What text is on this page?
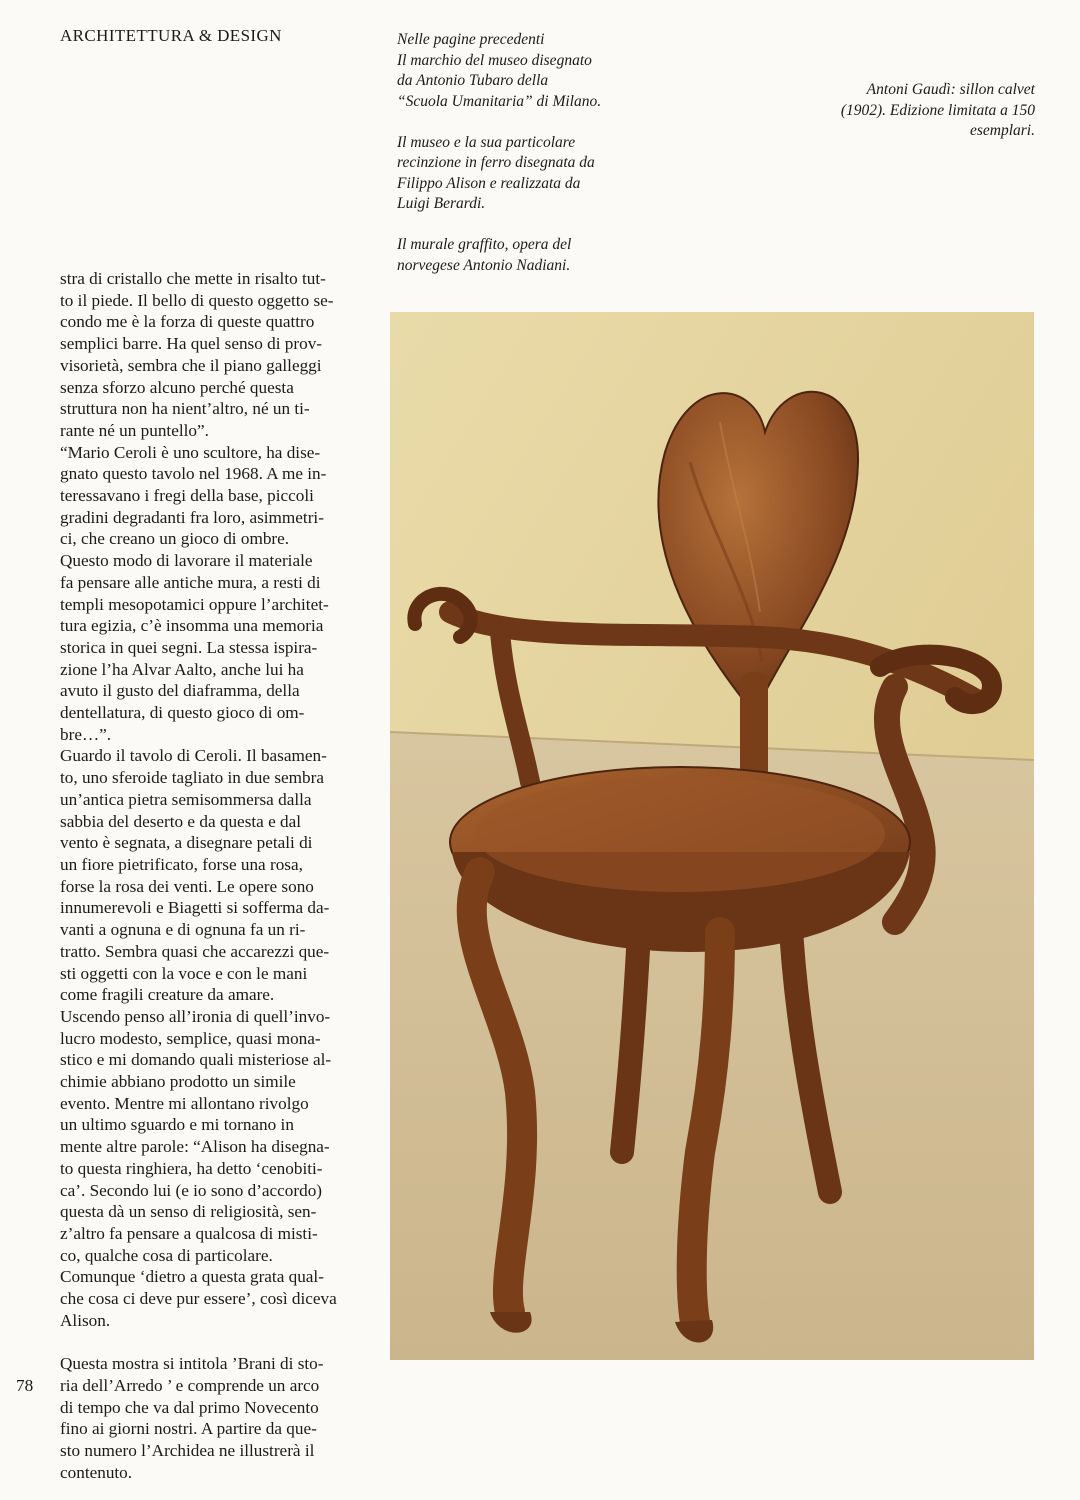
ARCHITETTURA & DESIGN	Nelle pagine precedenti
Il marchio del museo disegnato
da Antonio Tubaro della
“Scuola Umanitaria” di Milano.

Il museo e la sua particolare
recinzione in ferro disegnata da
Filippo Alison e realizzata da
Luigi Berardi.

Il murale graffito, opera del
norvegese Antonio Nadiani.

Antoni Gaudì: sillon calvet
(1902). Edizione limitata a 150
esemplari.

stra di cristallo che mette in risalto tut-
to il piede. Il bello di questo oggetto se-
condo me è la forza di queste quattro
semplici barre. Ha quel senso di prov-
visorietà, sembra che il piano galleggi
senza sforzo alcuno perché questa
struttura non ha nient’altro, né un ti-
rante né un puntello”.

“Mario Ceroli è uno scultore, ha dise-
gnato questo tavolo nel 1968. A me in-
teressavano i fregi della base, piccoli
gradini degradanti fra loro, asimmetri-
ci, che creano un gioco di ombre.

Questo modo di lavorare il materiale
fa pensare alle antiche mura, a resti di
templi mesopotamici oppure l’architet-
tura egizia, c’è insomma una memoria
storica in quei segni. La stessa ispira-
zione l’ha Alvar Aalto, anche lui ha
avuto il gusto del diaframma, della
dentellatura, di questo gioco di om-
bre…”.

Guardo il tavolo di Ceroli. Il basamen-
to, uno sferoide tagliato in due sembra
un’antica pietra semisommersa dalla
sabbia del deserto e da questa e dal
vento è segnata, a disegnare petali di
un fiore pietrificato, forse una rosa,
forse la rosa dei venti. Le opere sono
innumerevoli e Biagetti si sofferma da-
vanti a ognuna e di ognuna fa un ri-
tratto. Sembra quasi che accarezzi que-
sti oggetti con la voce e con le mani
come fragili creature da amare.

Uscendo penso all’ironia di quell’invo-
lucro modesto, semplice, quasi mona-
stico e mi domando quali misteriose al-
chimie abbiano prodotto un simile
evento. Mentre mi allontano rivolgo
un ultimo sguardo e mi tornano in
mente altre parole: “Alison ha disegna-
to questa ringhiera, ha detto ‘cenobiti-
ca’. Secondo lui (e io sono d’accordo)
questa dà un senso di religiosità, sen-
z’altro fa pensare a qualcosa di misti-
co, qualche cosa di particolare.

Comunque ‘dietro a questa grata qual-
che cosa ci deve pur essere’, così diceva
Alison.

Questa mostra si intitola ’Brani di sto-
ria dell’Arredo ’ e comprende un arco
di tempo che va dal primo Novecento
fino ai giorni nostri. A partire da que-
sto numero l’Archidea ne illustrerà il
contenuto.

78
